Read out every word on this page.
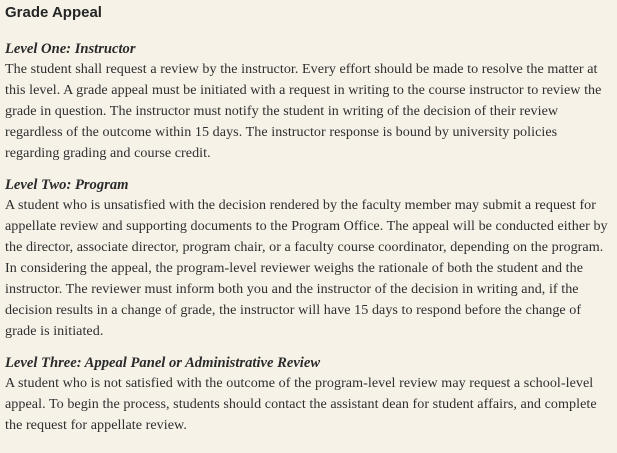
Grade Appeal
Level One: Instructor

The student shall request a review by the instructor. Every effort should be made to resolve the matter at this level. A grade appeal must be initiated with a request in writing to the course instructor to review the grade in question. The instructor must notify the student in writing of the decision of their review regardless of the outcome within 15 days. The instructor response is bound by university policies regarding grading and course credit.

Level Two: Program

A student who is unsatisfied with the decision rendered by the faculty member may submit a request for appellate review and supporting documents to the Program Office. The appeal will be conducted either by the director, associate director, program chair, or a faculty course coordinator, depending on the program. In considering the appeal, the program-level reviewer weighs the rationale of both the student and the instructor. The reviewer must inform both you and the instructor of the decision in writing and, if the decision results in a change of grade, the instructor will have 15 days to respond before the change of grade is initiated.

Level Three: Appeal Panel or Administrative Review

A student who is not satisfied with the outcome of the program-level review may request a school-level appeal. To begin the process, students should contact the assistant dean for student affairs, and complete the request for appellate review.
